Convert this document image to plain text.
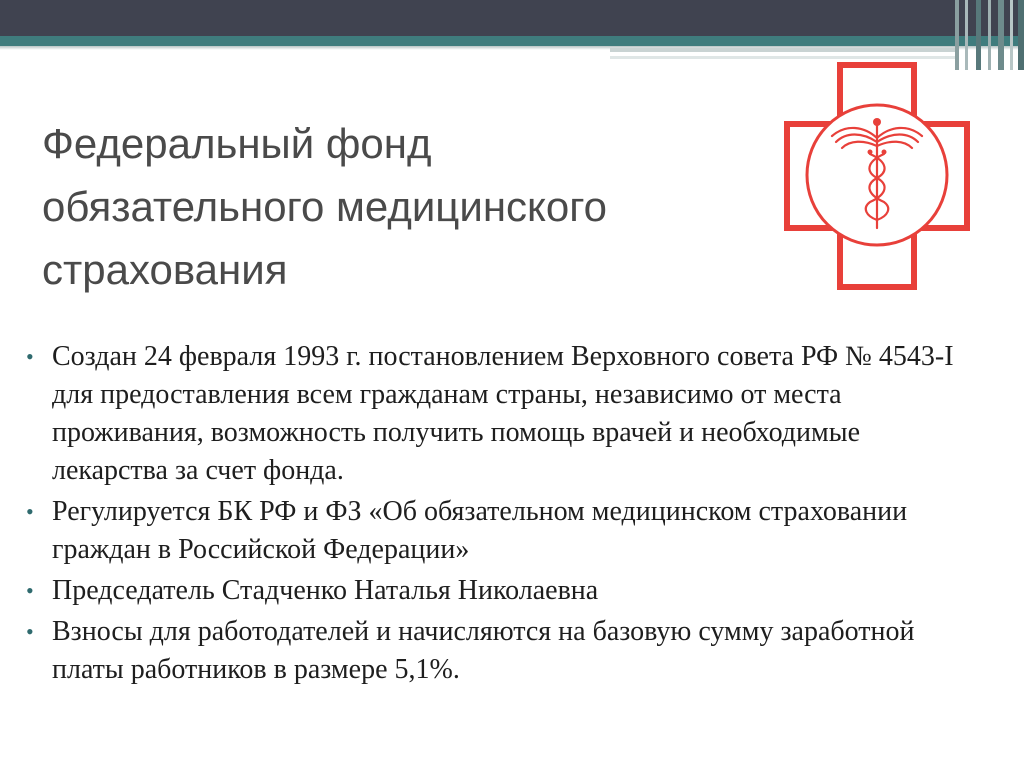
Федеральный фонд
обязательного медицинского
страхования
• Создан 24 февраля 1993 г. постановлением Верховного совета РФ № 4543-I для предоставления всем гражданам страны, независимо от места проживания, возможность получить помощь врачей и необходимые лекарства за счет фонда.
• Регулируется БК РФ и ФЗ «Об обязательном медицинском страховании граждан в Российской Федерации»
• Председатель Стадченко Наталья Николаевна
• Взносы для работодателей и начисляются на базовую сумму заработной платы работников в размере 5,1%.
